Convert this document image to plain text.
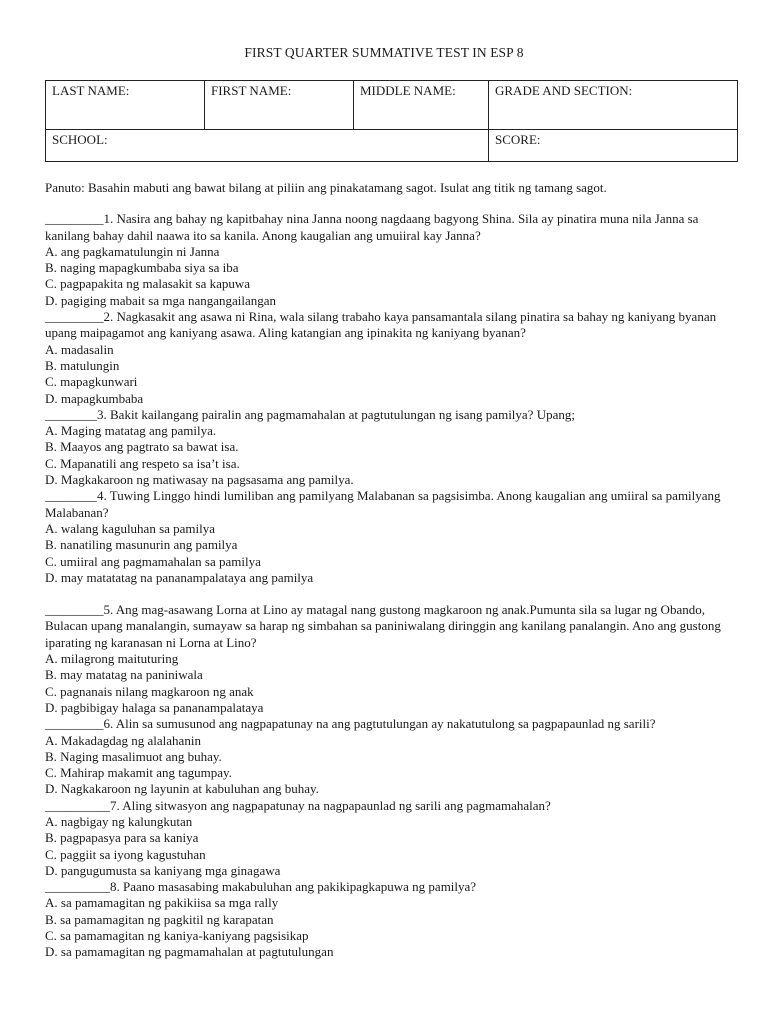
FIRST QUARTER SUMMATIVE TEST IN ESP 8
LAST NAME:	FIRST NAME:	MIDDLE NAME:	GRADE AND SECTION:
SCHOOL:			SCORE:

Panuto: Basahin mabuti ang bawat bilang at piliin ang pinakatamang sagot. Isulat ang titik ng tamang sagot.

_________1. Nasira ang bahay ng kapitbahay nina Janna noong nagdaang bagyong Shina. Sila ay pinatira muna nila Janna sa kanilang bahay dahil naawa ito sa kanila. Anong kaugalian ang umuiiral kay Janna?

A. ang pagkamatulungin ni Janna

B. naging mapagkumbaba siya sa iba

C. pagpapakita ng malasakit sa kapuwa

D. pagiging mabait sa mga nangangailangan

_________2. Nagkasakit ang asawa ni Rina, wala silang trabaho kaya pansamantala silang pinatira sa bahay ng kaniyang byanan upang maipagamot ang kaniyang asawa. Aling katangian ang ipinakita ng kaniyang byanan?

A. madasalin

B. matulungin

C. mapagkunwari

D. mapagkumbaba

________3. Bakit kailangang pairalin ang pagmamahalan at pagtutulungan ng isang pamilya? Upang;

A. Maging matatag ang pamilya.

B. Maayos ang pagtrato sa bawat isa.

C. Mapanatili ang respeto sa isa’t isa.

D. Magkakaroon ng matiwasay na pagsasama ang pamilya.

________4. Tuwing Linggo hindi lumiliban ang pamilyang Malabanan sa pagsisimba. Anong kaugalian ang umiiral sa pamilyang Malabanan?

A. walang kaguluhan sa pamilya

B. nanatiling masunurin ang pamilya

C. umiiral ang pagmamahalan sa pamilya

D. may matatatag na pananampalataya ang pamilya

_________5. Ang mag-asawang Lorna at Lino ay matagal nang gustong magkaroon ng anak.Pumunta sila sa lugar ng Obando, Bulacan upang manalangin, sumayaw sa harap ng simbahan sa paniniwalang diringgin ang kanilang panalangin. Ano ang gustong iparating ng karanasan ni Lorna at Lino?

A. milagrong maituturing

B. may matatag na paniniwala

C. pagnanais nilang magkaroon ng anak

D. pagbibigay halaga sa pananampalataya

_________6. Alin sa sumusunod ang nagpapatunay na ang pagtutulungan ay nakatutulong sa pagpapaunlad ng sarili?

A. Makadagdag ng alalahanin

B. Naging masalimuot ang buhay.

C. Mahirap makamit ang tagumpay.

D. Nagkakaroon ng layunin at kabuluhan ang buhay.

__________7. Aling sitwasyon ang nagpapatunay na nagpapaunlad ng sarili ang pagmamahalan?

A. nagbigay ng kalungkutan

B. pagpapasya para sa kaniya

C. paggiit sa iyong kagustuhan

D. pangugumusta sa kaniyang mga ginagawa

__________8. Paano masasabing makabuluhan ang pakikipagkapuwa ng pamilya?

A. sa pamamagitan ng pakikiisa sa mga rally

B. sa pamamagitan ng pagkitil ng karapatan

C. sa pamamagitan ng kaniya-kaniyang pagsisikap

D. sa pamamagitan ng pagmamahalan at pagtutulungan
